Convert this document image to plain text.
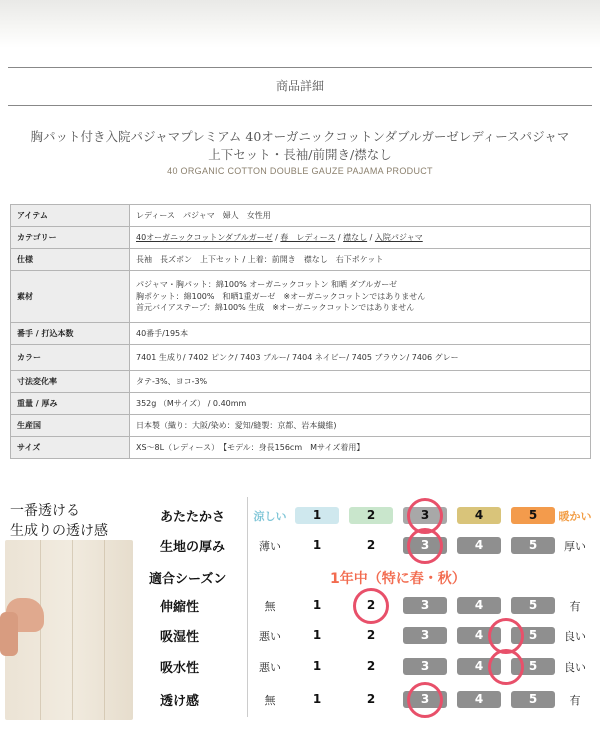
商品詳細
胸パット付き入院パジャマプレミアム 40オーガニックコットンダブルガーゼレディースパジャマ
上下セット・長袖/前開き/襟なし
40 ORGANIC COTTON DOUBLE GAUZE PAJAMA PRODUCT
アイテム	レディース　パジャマ　婦人　女性用

カテゴリー	40オーガニックコットンダブルガーゼ / 春　レディース / 襟なし / 入院パジャマ
仕様	長袖　長ズボン　上下セット / 上着：前開き　襟なし　右下ポケット

素材	パジャマ・胸パット：綿100% オーガニックコットン 和晒 ダブルガーゼ
胸ポケット：綿100%　和晒1重ガーゼ　※オーガニックコットンではありません
首元バイアステープ：綿100% 生成　※オーガニックコットンではありません

番手 / 打込本数	40番手/195本

カラー	7401 生成り/ 7402 ピンク/ 7403 ブルー/ 7404 ネイビー/ 7405 ブラウン/ 7406 グレー

寸法変化率	タテ-3%、ヨコ-3%

重量 / 厚み	352g （Mサイズ） / 0.40mm

生産国	日本製（織り：大阪/染め：愛知/縫製：京都、岩本繊維)

サイズ	XS～8L（レディース）　【モデル：身長156cm　Mサイズ着用】
一番透ける
生成りの透け感
適合シーズン	1年中（特に春・秋）
あたたかさ	涼しい	1	2	3	4	5	暖かい
生地の厚み	薄い	1	2	3	4	5	厚い
伸縮性	無	1	2	3	4	5	有
吸湿性	悪い	1	2	3	4	5	良い
吸水性	悪い	1	2	3	4	5	良い
透け感	無	1	2	3	4	5	有
